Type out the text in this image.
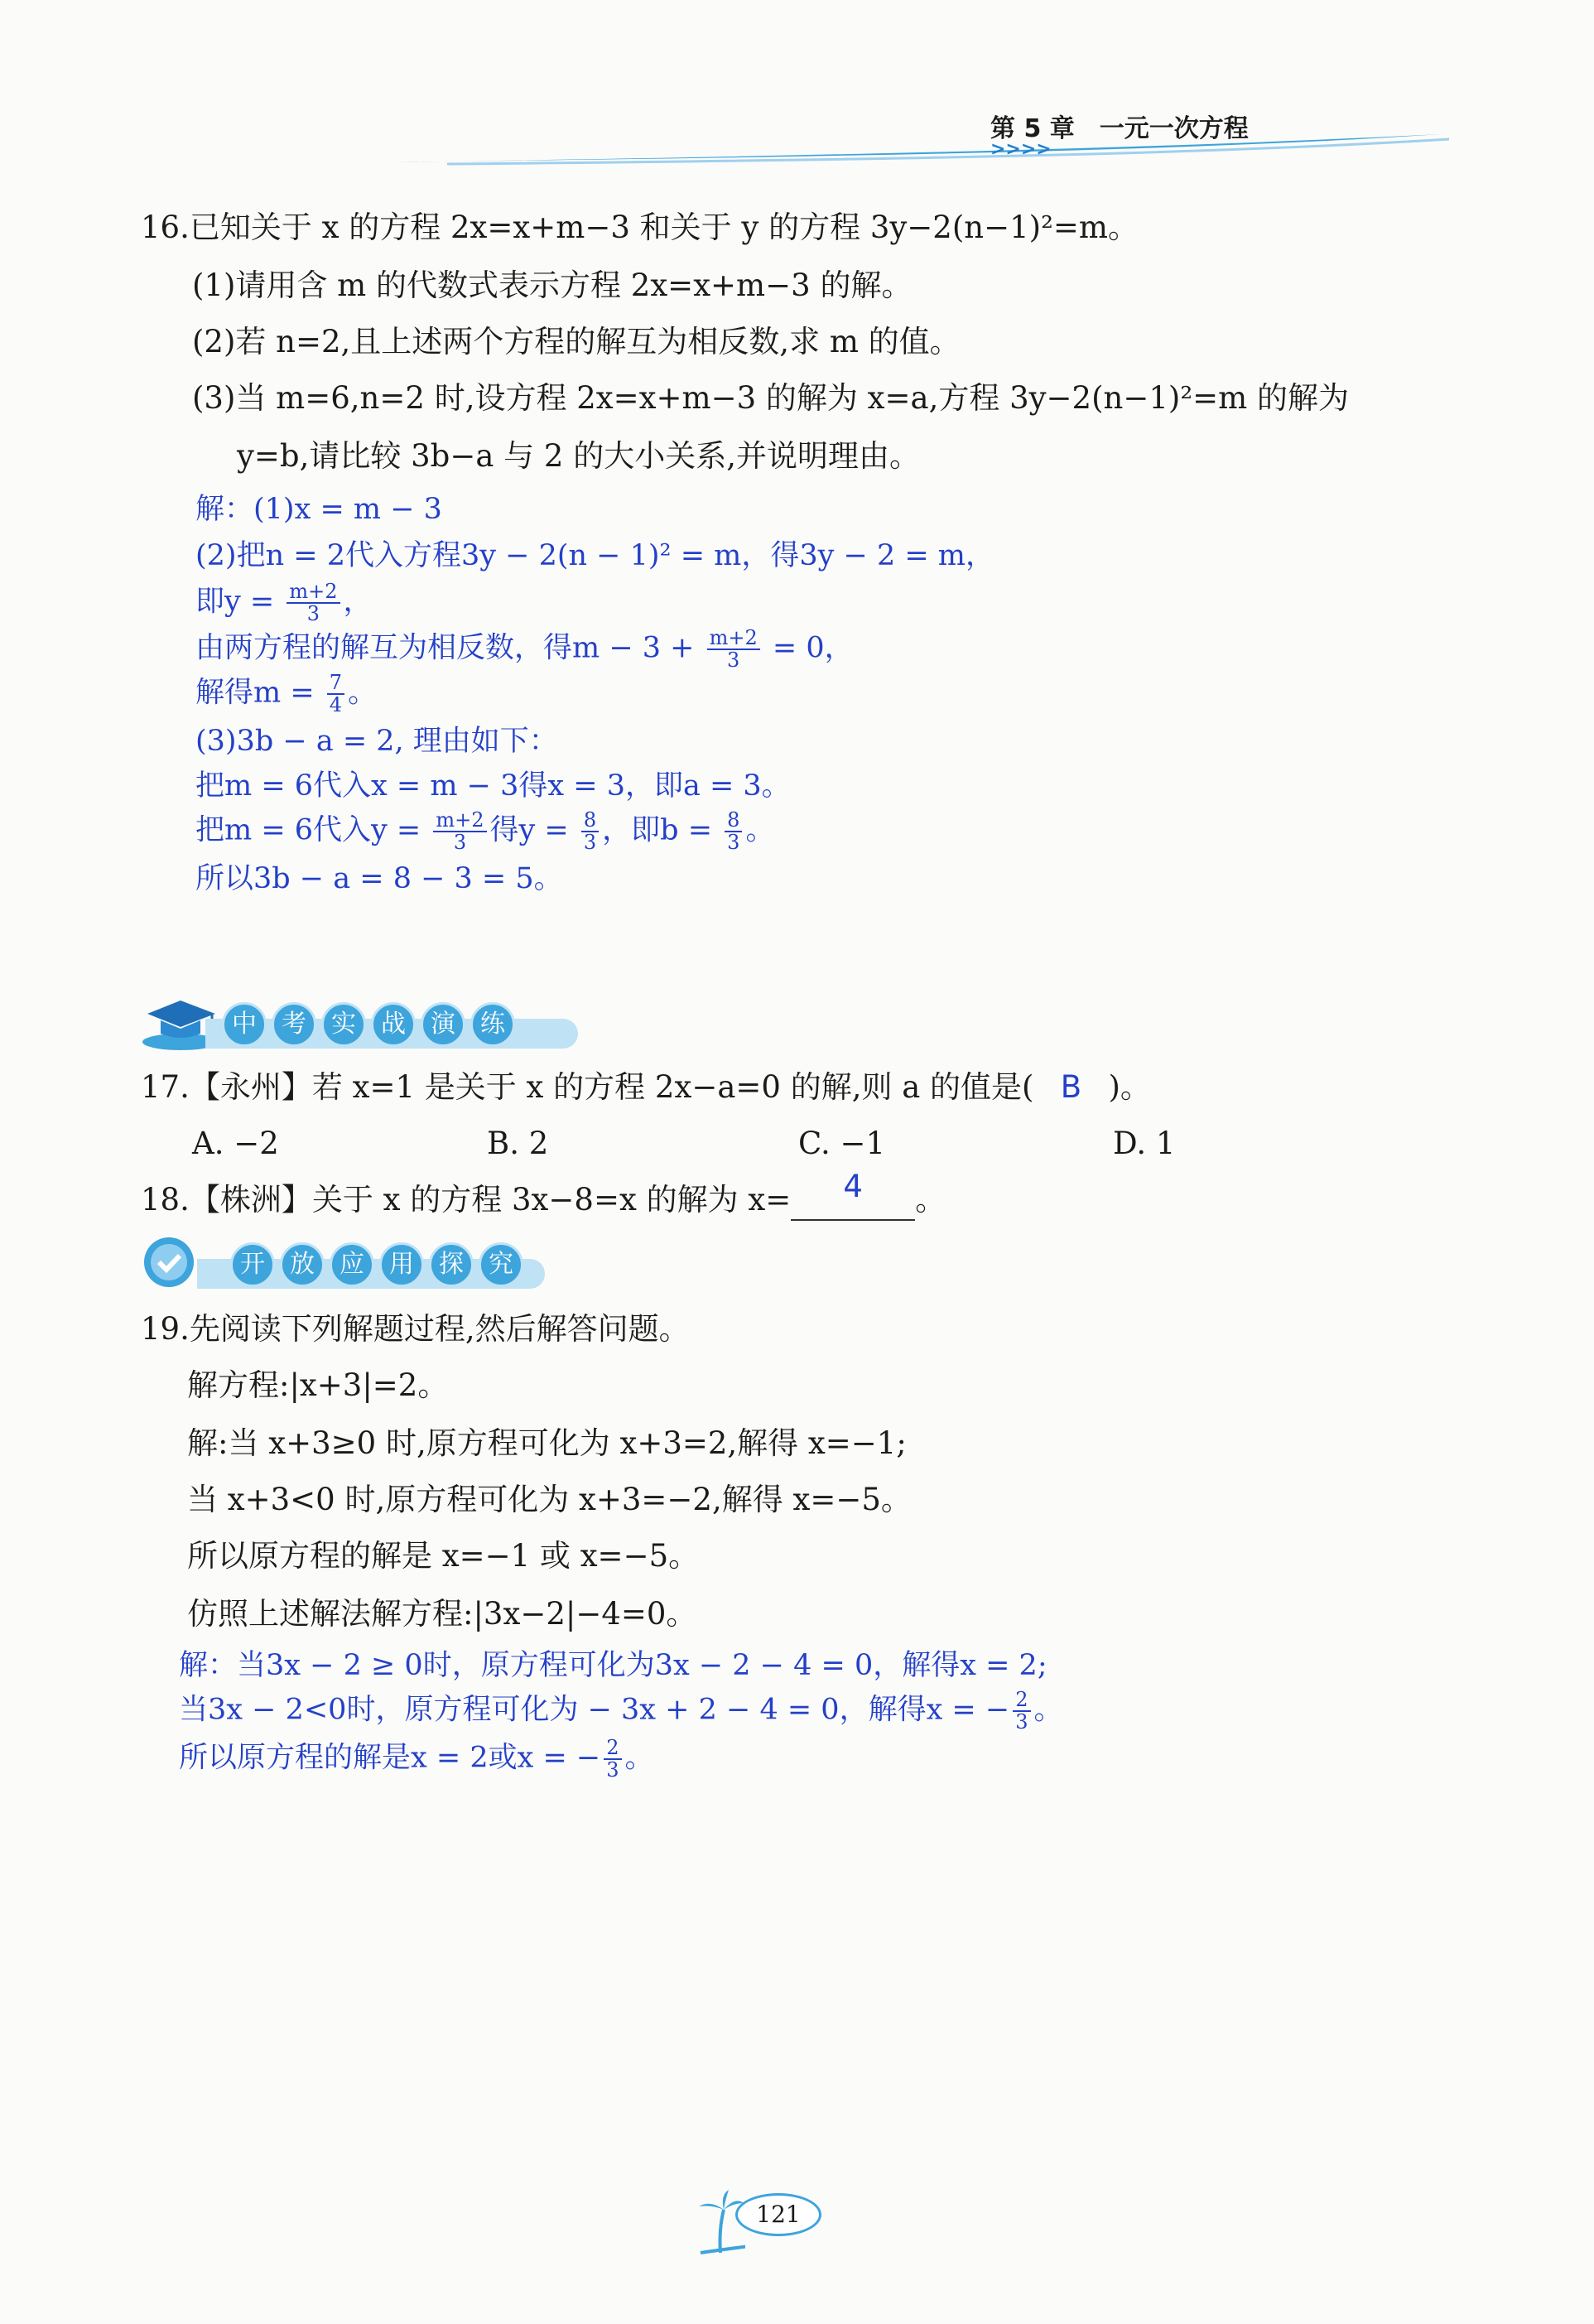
第 5 章　一元一次方程
>>>>
16.已知关于 x 的方程 2x=x+m−3 和关于 y 的方程 3y−2(n−1)²=m。
(1)请用含 m 的代数式表示方程 2x=x+m−3 的解。
(2)若 n=2,且上述两个方程的解互为相反数,求 m 的值。
(3)当 m=6,n=2 时,设方程 2x=x+m−3 的解为 x=a,方程 3y−2(n−1)²=m 的解为
y=b,请比较 3b−a 与 2 的大小关系,并说明理由。
解：(1)x = m − 3
(2)把n = 2代入方程3y − 2(n − 1)² = m，得3y − 2 = m，
即$y = \frac{m+2}{3}$ ，
由两方程的解互为相反数，得$m - 3 + \frac{m+2}{3} = 0$，
解得$m = \frac{7}{4}$ 。
(3)3b − a = 2, 理由如下：
把m = 6代入x = m − 3得x = 3，即a = 3。
把m = 6代入$y = \frac{m+2}{3}$ 得$y = \frac{8}{3}$ ，即$b = \frac{8}{3}$ 。
所以3b − a = 8 − 3 = 5。
中	考	实	战	演	练
17.【永州】若 x=1 是关于 x 的方程 2x−a=0 的解,则 a 的值是( B )。
A. −2	B. 2	C. −1	D. 1
18.【株洲】关于 x 的方程 3x−8=x 的解为 x=	4	。
开	放	应	用	探	究
19.先阅读下列解题过程,然后解答问题。
解方程:|x+3|=2。
解:当 x+3≥0 时,原方程可化为 x+3=2,解得 x=−1;
当 x+3<0 时,原方程可化为 x+3=−2,解得 x=−5。
所以原方程的解是 x=−1 或 x=−5。
仿照上述解法解方程:|3x−2|−4=0。
解：当3x − 2 ≥ 0时，原方程可化为3x − 2 − 4 = 0，解得x = 2;
当3x − 2<0时，原方程可化为 − 3x + 2 − 4 = 0，解得x = − $\frac{2}{3}$ 。
所以原方程的解是x = 2或x = − $\frac{2}{3}$ 。
121
